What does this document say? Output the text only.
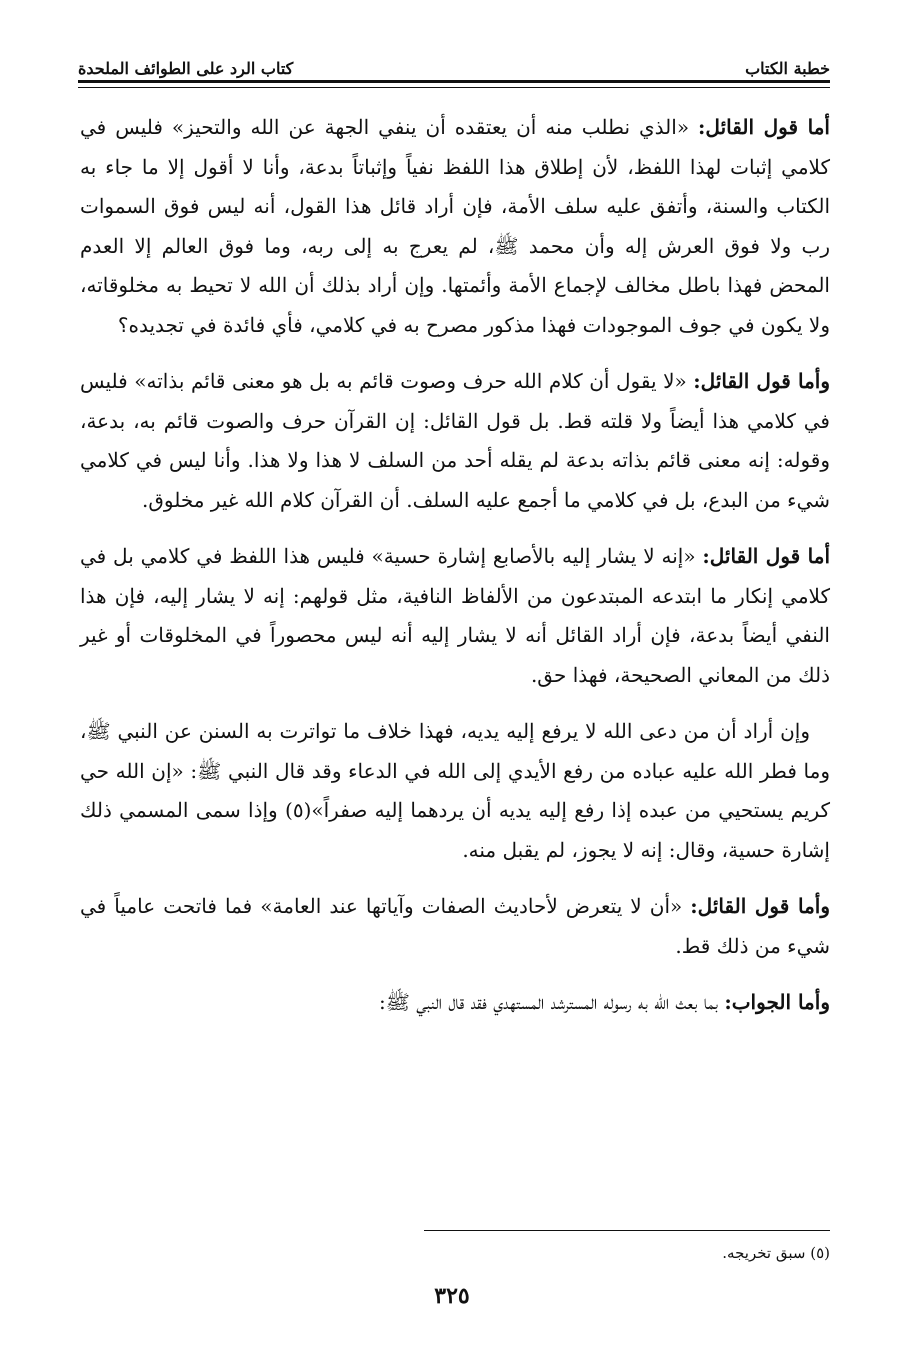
خطبة الكتاب
كتاب الرد على الطوائف الملحدة

أما قول القائل: «الذي نطلب منه أن يعتقده أن ينفي الجهة عن الله والتحيز» فليس في كلامي إثبات لهذا اللفظ، لأن إطلاق هذا اللفظ نفياً وإثباتاً بدعة، وأنا لا أقول إلا ما جاء به الكتاب والسنة، وأتفق عليه سلف الأمة، فإن أراد قائل هذا القول، أنه ليس فوق السموات رب ولا فوق العرش إله وأن محمد ﷺ، لم يعرج به إلى ربه، وما فوق العالم إلا العدم المحض فهذا باطل مخالف لإجماع الأمة وأئمتها. وإن أراد بذلك أن الله لا تحيط به مخلوقاته، ولا يكون في جوف الموجودات فهذا مذكور مصرح به في كلامي، فأي فائدة في تجديده؟

وأما قول القائل: «لا يقول أن كلام الله حرف وصوت قائم به بل هو معنى قائم بذاته» فليس في كلامي هذا أيضاً ولا قلته قط. بل قول القائل: إن القرآن حرف والصوت قائم به، بدعة، وقوله: إنه معنى قائم بذاته بدعة لم يقله أحد من السلف لا هذا ولا هذا. وأنا ليس في كلامي شيء من البدع، بل في كلامي ما أجمع عليه السلف. أن القرآن كلام الله غير مخلوق.

أما قول القائل: «إنه لا يشار إليه بالأصابع إشارة حسية» فليس هذا اللفظ في كلامي بل في كلامي إنكار ما ابتدعه المبتدعون من الألفاظ النافية، مثل قولهم: إنه لا يشار إليه، فإن هذا النفي أيضاً بدعة، فإن أراد القائل أنه لا يشار إليه أنه ليس محصوراً في المخلوقات أو غير ذلك من المعاني الصحيحة، فهذا حق.

وإن أراد أن من دعى الله لا يرفع إليه يديه، فهذا خلاف ما تواترت به السنن عن النبي ﷺ، وما فطر الله عليه عباده من رفع الأيدي إلى الله في الدعاء وقد قال النبي ﷺ: «إن الله حي كريم يستحيي من عبده إذا رفع إليه يديه أن يردهما إليه صفراً»(٥) وإذا سمى المسمي ذلك إشارة حسية، وقال: إنه لا يجوز، لم يقبل منه.

وأما قول القائل: «أن لا يتعرض لأحاديث الصفات وآياتها عند العامة» فما فاتحت عامياً في شيء من ذلك قط.

وأما الجواب: بما بعث الله به رسوله المسترشد المستهدي فقد قال النبي ﷺ:

(٥) سبق تخريجه.
٣٢٥
